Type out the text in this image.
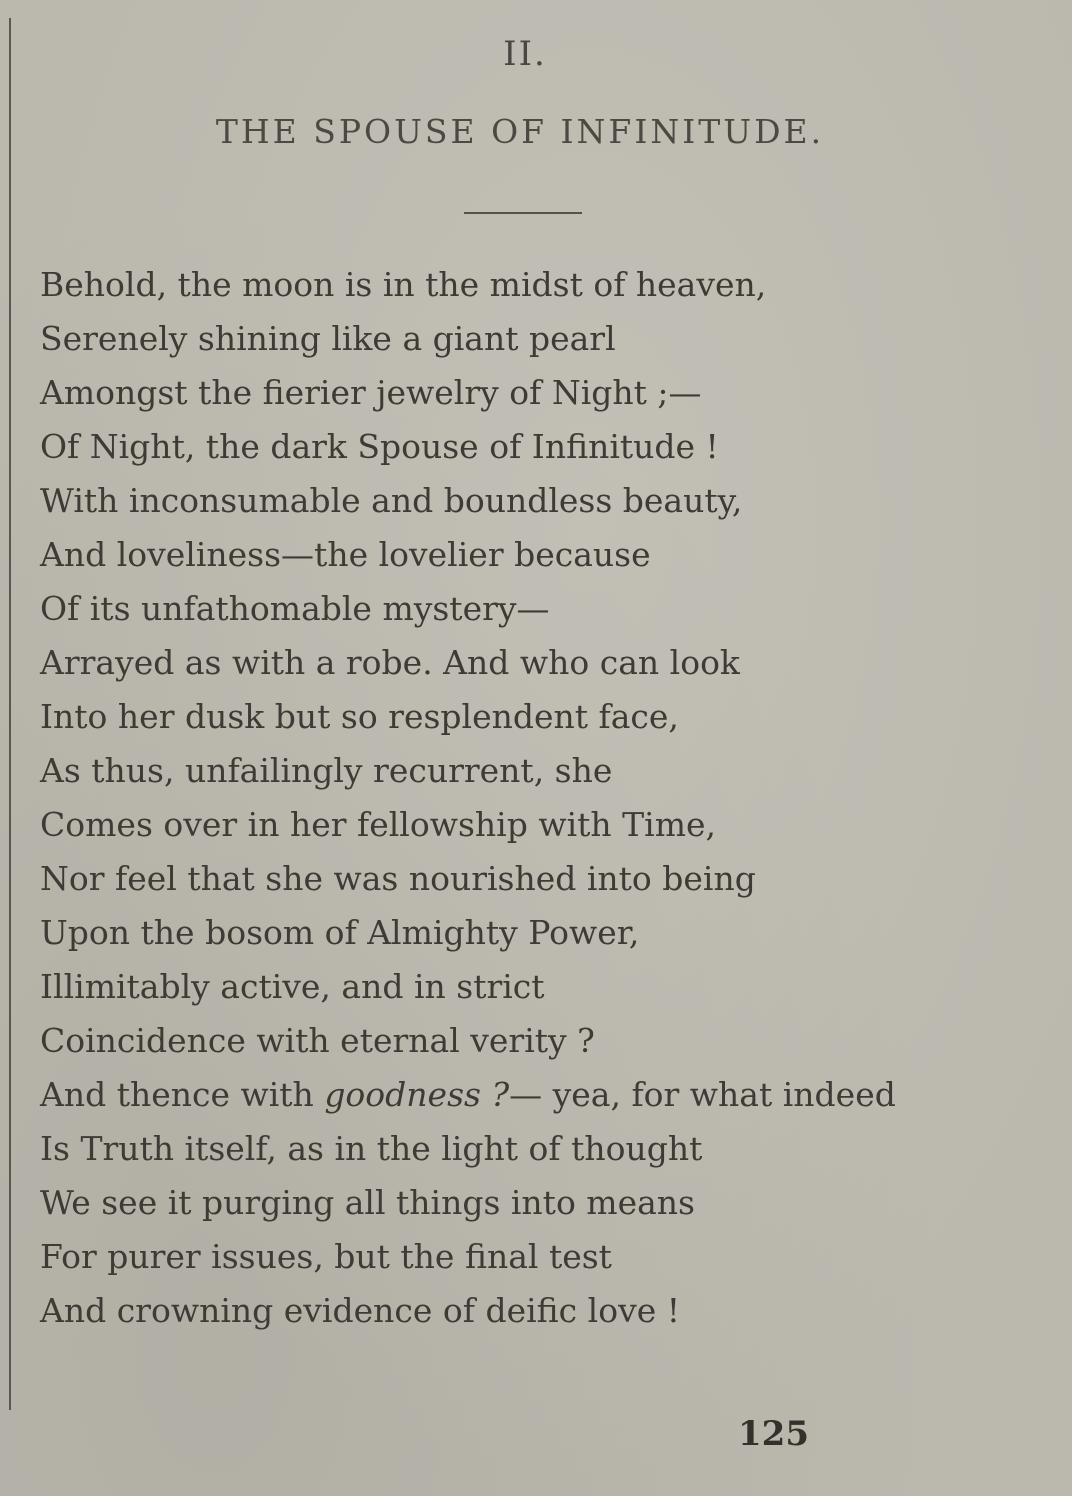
II.
THE SPOUSE OF INFINITUDE.
Behold, the moon is in the midst of heaven,
Serenely shining like a giant pearl
Amongst the fierier jewelry of Night ;—
Of Night, the dark Spouse of Infinitude !
With inconsumable and boundless beauty,
And loveliness—the lovelier because
Of its unfathomable mystery—
Arrayed as with a robe. And who can look
Into her dusk but so resplendent face,
As thus, unfailingly recurrent, she
Comes over in her fellowship with Time,
Nor feel that she was nourished into being
Upon the bosom of Almighty Power,
Illimitably active, and in strict
Coincidence with eternal verity ?
And thence with goodness ?— yea, for what indeed
Is Truth itself, as in the light of thought
We see it purging all things into means
For purer issues, but the final test
And crowning evidence of deific love !
125
